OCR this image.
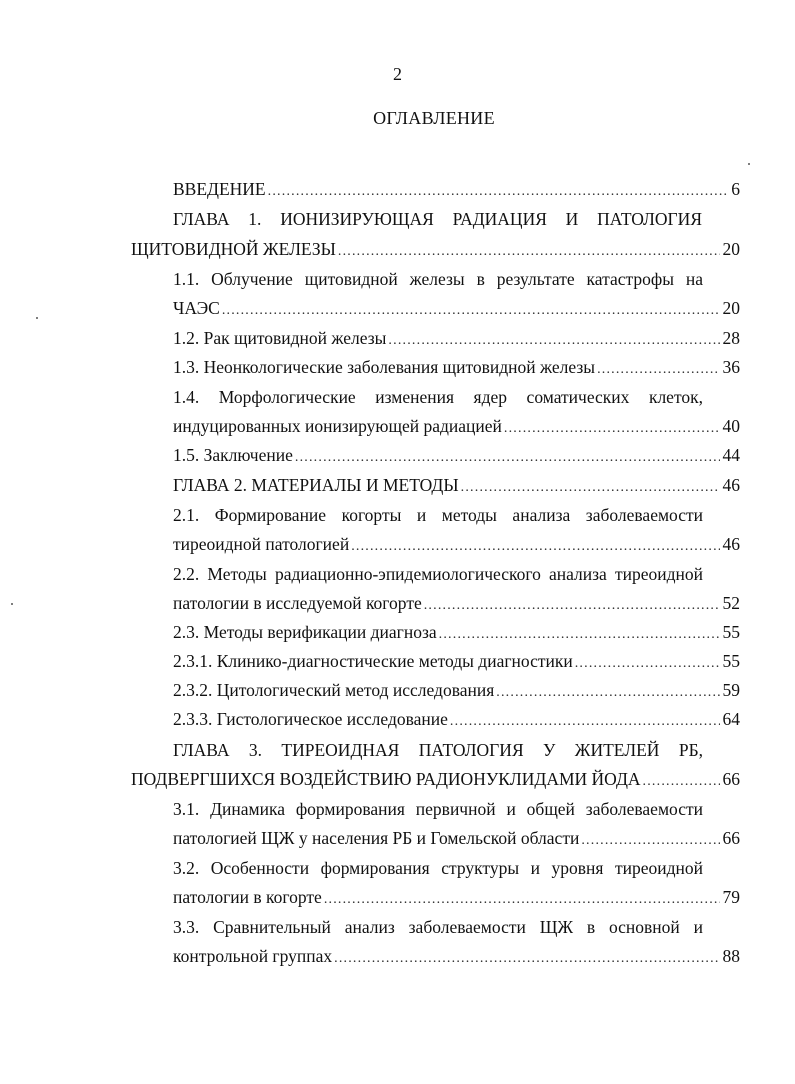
2
ОГЛАВЛЕНИЕ
ВВЕДЕНИЕ .....	6
ГЛАВА 1. ИОНИЗИРУЮЩАЯ РАДИАЦИЯ И ПАТОЛОГИЯ
ЩИТОВИДНОЙ ЖЕЛЕЗЫ .....	20
1.1. Облучение щитовидной железы в результате катастрофы на
ЧАЭС .....	20
1.2. Рак щитовидной железы .....	28
1.3. Неонкологические заболевания щитовидной железы .....	36
1.4. Морфологические изменения ядер соматических клеток,
индуцированных ионизирующей радиацией .....	40
1.5. Заключение .....	44
ГЛАВА 2. МАТЕРИАЛЫ И МЕТОДЫ .....	46
2.1. Формирование когорты и методы анализа заболеваемости
тиреоидной патологией .....	46
2.2. Методы радиационно-эпидемиологического анализа тиреоидной
патологии в исследуемой когорте .....	52
2.3. Методы верификации диагноза .....	55
2.3.1. Клинико-диагностические методы диагностики .....	55
2.3.2. Цитологический метод исследования .....	59
2.3.3. Гистологическое исследование .....	64
ГЛАВА 3. ТИРЕОИДНАЯ ПАТОЛОГИЯ У ЖИТЕЛЕЙ РБ,
ПОДВЕРГШИХСЯ ВОЗДЕЙСТВИЮ РАДИОНУКЛИДАМИ ЙОДА .....	66
3.1. Динамика формирования первичной и общей заболеваемости
патологией ЩЖ у населения РБ и Гомельской области .....	66
3.2. Особенности формирования структуры и уровня тиреоидной
патологии в когорте .....	79
3.3. Сравнительный анализ заболеваемости ЩЖ в основной и
контрольной группах .....	88
